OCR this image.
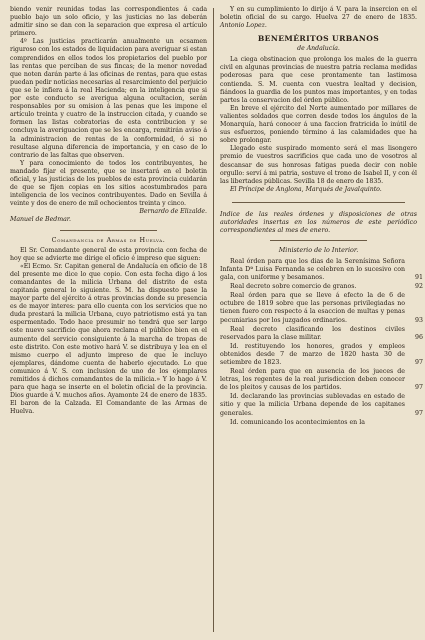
biendo venir reunidas todas las correspondientes á cada pueblo bajo un solo oficio, y las justicias no las deberán admitir sino se dan con la separacion que expresa el artículo primero.

4º Las justicias practicarán anualmente un ecsamen riguroso con los estados de liquidacion para averiguar si estan comprendidos en ellos todos los propietarios del pueblo por las rentas que perciban de sus fincas; de la menor novedad que noten darán parte á las oficinas de rentas, para que estas puedan pedir noticias necesarias al resarcimiento del perjuicio que se le infiera á la real Hacienda; en la inteligencia que si por este conducto se averigua alguna ocultacion, serán responsables por su omision á las penas que les impone el artículo treinta y cuatro de la instruccion citada, y cuando se formen las listas cobratorias de esta contribucion y se concluya la averiguacion que se les encarga, remitirán aviso á la administracion de rentas de la conformidad, ó si no resultase alguna diferencia de importancia, y en caso de lo contrario de las faltas que observen.

Y para conocimiento de todos los contribuyentes, he mandado fijar el presente, que se insertará en el boletin oficial, y las justicias de los pueblos de esta provincia cuidarán de que se fijen copias en los sitios acostumbrados para inteligencia de los vecinos contribuyentes. Dado en Sevilla á veinte y dos de enero de mil ochocientos treinta y cinco.

Bernardo de Elizalde.

Manuel de Bedmar.

Comandancia de Armas de Huelva.

El Sr. Comandante general de esta provincia con fecha de hoy que se advierte me dirige el oficio é impreso que siguen:

«El Ecmo. Sr. Capitan general de Andalucía en oficio de 18 del presente me dice lo que copio. Con esta fecha digo á los comandantes de la milicia Urbana del distrito de esta capitanía general lo siguiente. S. M. ha dispuesto pase la mayor parte del ejército á otras provincias donde su presencia es de mayor interes: para ello cuenta con los servicios que no duda prestará la milicia Urbana, cuyo patriotismo está ya tan espermentado. Todo hace presumir no tendrá que ser largo este nuevo sacrificio que ahora reclama el público bien en el aumento del servicio consiguiente á la marcha de tropas de este distrito. Con este motivo hará V. se distribuya y lea en el mismo cuerpo el adjunto impreso de que le incluyo ejemplares, dándome cuenta de haberlo ejecutado. Lo que comunico á V. S. con inclusion de uno de los ejemplares remitidos á dichos comandantes de la milicia.» Y lo hago á V. para que haga se inserte en el boletin oficial de la provincia. Dios guarde á V. muchos años. Ayamonte 24 de enero de 1835. El baron de la Calzada. El Comandante de las Armas de Huelva.

Y en su cumplimiento lo dirijo á V. para la insercion en el boletin oficial de su cargo. Huelva 27 de enero de 1835. Antonio Lopez.

BENEMÉRITOS URBANOS
de Andalucía.

La ciega obstinacion que prolonga los males de la guerra civil en algunas provincias de nuestra patria reclama medidas poderosas para que cese prontamente tan lastimosa contienda. S. M. cuenta con vuestra lealtad y decision, fiándoos la guardia de los puntos mas importantes, y en todas partes la conservacion del órden público.

En breve el ejército del Norte aumentado por millares de valientes soldados que corren desde todos los ángulos de la Monarquía, hará conocer á una faccion fratricida lo inútil de sus esfuerzos, poniendo término á las calamidades que ha sobre prolongar.

Llegado este suspirado momento será el mas lisongero premio de vuestros sacrificios que cada uno de vosotros al descansar de sus honrosas fatigas pueda decir con noble orgullo: serví á mi patria, sostuve el trono de Isabel II, y con él las libertades públicas. Sevilla 18 de enero de 1835.

El Príncipe de Anglona, Marqués de Javalquinto.

Indice de las reales órdenes y disposiciones de otras autoridades insertas en los números de este periódico correspondientes al mes de enero.

Ministerio de lo Interior.

Real órden para que los dias de la Serenísima Señora Infanta Dª Luisa Fernanda se celebren en lo sucesivo con gala, con uniforme y besamanos.	91
Real decreto sobre comercio de granos.	92
Real órden para que se lleve á efecto la de 6 de octubre de 1819 sobre que las personas privilegiadas no tienen fuero con respecto á la esaccion de multas y penas pecuniarias por los juzgados ordinarios.	93
Real decreto clasificando los destinos civiles reservados para la clase militar.	96
Id. restituyendo los honores, grados y empleos obtenidos desde 7 de marzo de 1820 hasta 30 de setiembre de 1823.	97
Real órden para que en ausencia de los jueces de letras, los regentes de la real jurisdiccion deben conocer de los pleitos y causas de los partidos.	97
Id. declarando las provincias sublevadas en estado de sitio y que la milicia Urbana depende de los capitanes generales.	97
Id. comunicando los acontecimientos en la
